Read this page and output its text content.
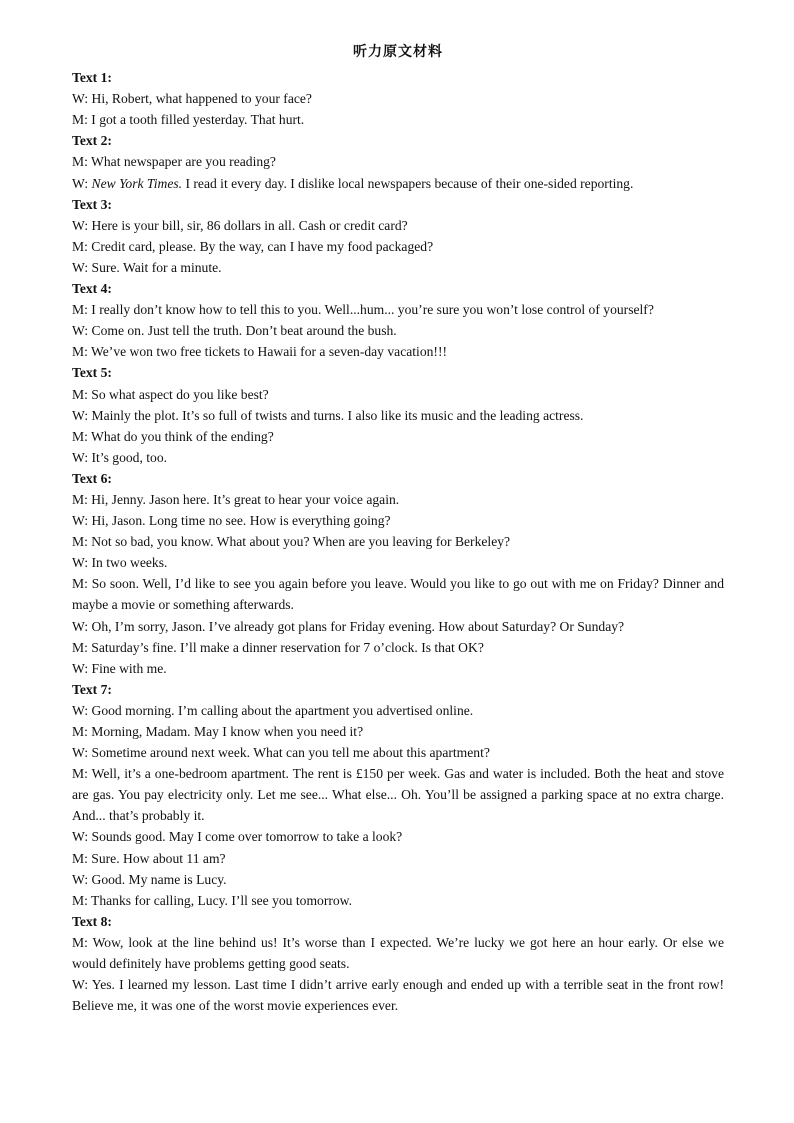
听力原文材料
Text 1:
W: Hi, Robert, what happened to your face?
M: I got a tooth filled yesterday. That hurt.
Text 2:
M: What newspaper are you reading?
W: New York Times. I read it every day. I dislike local newspapers because of their one-sided reporting.
Text 3:
W: Here is your bill, sir, 86 dollars in all. Cash or credit card?
M: Credit card, please. By the way, can I have my food packaged?
W: Sure. Wait for a minute.
Text 4:
M: I really don’t know how to tell this to you. Well...hum... you’re sure you won’t lose control of yourself?
W: Come on. Just tell the truth. Don’t beat around the bush.
M: We’ve won two free tickets to Hawaii for a seven-day vacation!!!
Text 5:
M: So what aspect do you like best?
W: Mainly the plot. It’s so full of twists and turns. I also like its music and the leading actress.
M: What do you think of the ending?
W: It’s good, too.
Text 6:
M: Hi, Jenny. Jason here. It’s great to hear your voice again.
W: Hi, Jason. Long time no see. How is everything going?
M: Not so bad, you know. What about you? When are you leaving for Berkeley?
W: In two weeks.
M: So soon. Well, I’d like to see you again before you leave. Would you like to go out with me on Friday? Dinner and maybe a movie or something afterwards.
W: Oh, I’m sorry, Jason. I’ve already got plans for Friday evening. How about Saturday? Or Sunday?
M: Saturday’s fine. I’ll make a dinner reservation for 7 o’clock. Is that OK?
W: Fine with me.
Text 7:
W: Good morning. I’m calling about the apartment you advertised online.
M: Morning, Madam. May I know when you need it?
W: Sometime around next week. What can you tell me about this apartment?
M: Well, it’s a one-bedroom apartment. The rent is £150 per week. Gas and water is included. Both the heat and stove are gas. You pay electricity only. Let me see... What else... Oh. You’ll be assigned a parking space at no extra charge. And... that’s probably it.
W: Sounds good. May I come over tomorrow to take a look?
M: Sure. How about 11 am?
W: Good. My name is Lucy.
M: Thanks for calling, Lucy. I’ll see you tomorrow.
Text 8:
M: Wow, look at the line behind us! It’s worse than I expected. We’re lucky we got here an hour early. Or else we would definitely have problems getting good seats.
W: Yes. I learned my lesson. Last time I didn’t arrive early enough and ended up with a terrible seat in the front row! Believe me, it was one of the worst movie experiences ever.
